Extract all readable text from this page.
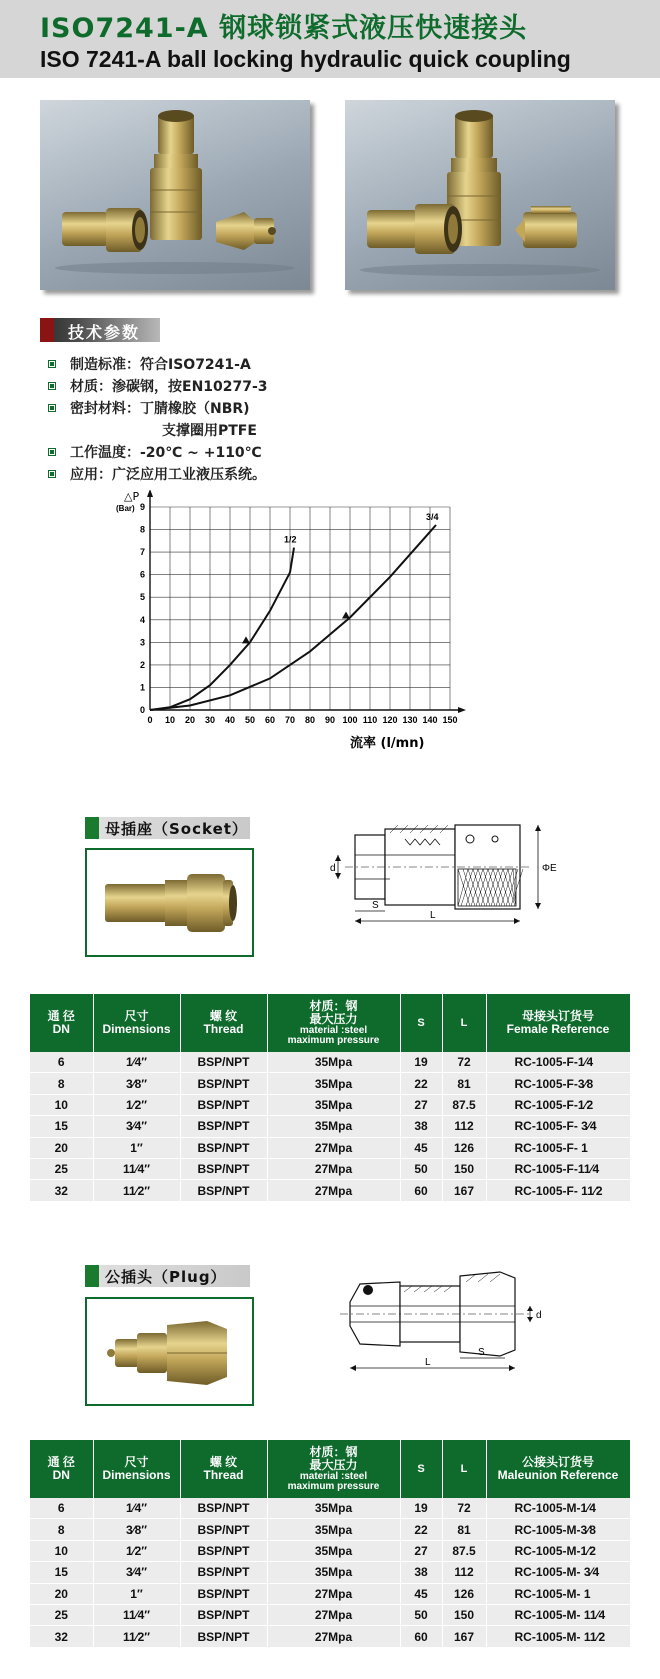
ISO7241-A 钢球锁紧式液压快速接头
ISO 7241-A ball locking hydraulic quick coupling
技术参数
制造标准：符合ISO7241-A
材质：渗碳钢，按EN10277-3
密封材料：丁腈橡胶（NBR)
支撑圈用PTFE
工作温度：-20℃ ~ +110℃
应用：广泛应用工业液压系统。
0 10 20 30 40 50 60 70 80 90 100 110 120 130 140 150
0
1
2
3
4
5
6
7
8
9
△P
(Bar)
流率 (l/mn)
1/2
3/4
母插座（Socket）
d	ΦE
S
L
通 径
DN	尺寸
Dimensions	螺 纹
Thread	材质：钢
最大压力
material :steel
maximum pressure	S	L	母接头订货号
Female Reference
6	1⁄4″	BSP/NPT	35Mpa	19	72	RC-1005-F-1⁄4
8	3⁄8″	BSP/NPT	35Mpa	22	81	RC-1005-F-3⁄8
10	1⁄2″	BSP/NPT	35Mpa	27	87.5	RC-1005-F-1⁄2
15	3⁄4″	BSP/NPT	35Mpa	38	112	RC-1005-F- 3⁄4
20	1″	BSP/NPT	27Mpa	45	126	RC-1005-F- 1
25	11⁄4″	BSP/NPT	27Mpa	50	150	RC-1005-F-11⁄4
32	11⁄2″	BSP/NPT	27Mpa	60	167	RC-1005-F- 11⁄2
公插头（Plug）
d
S
L
通 径
DN	尺寸
Dimensions	螺 纹
Thread	材质：钢
最大压力
material :steel
maximum pressure	S	L	公接头订货号
Maleunion Reference
6	1⁄4″	BSP/NPT	35Mpa	19	72	RC-1005-M-1⁄4
8	3⁄8″	BSP/NPT	35Mpa	22	81	RC-1005-M-3⁄8
10	1⁄2″	BSP/NPT	35Mpa	27	87.5	RC-1005-M-1⁄2
15	3⁄4″	BSP/NPT	35Mpa	38	112	RC-1005-M- 3⁄4
20	1″	BSP/NPT	27Mpa	45	126	RC-1005-M- 1
25	11⁄4″	BSP/NPT	27Mpa	50	150	RC-1005-M- 11⁄4
32	11⁄2″	BSP/NPT	27Mpa	60	167	RC-1005-M- 11⁄2
